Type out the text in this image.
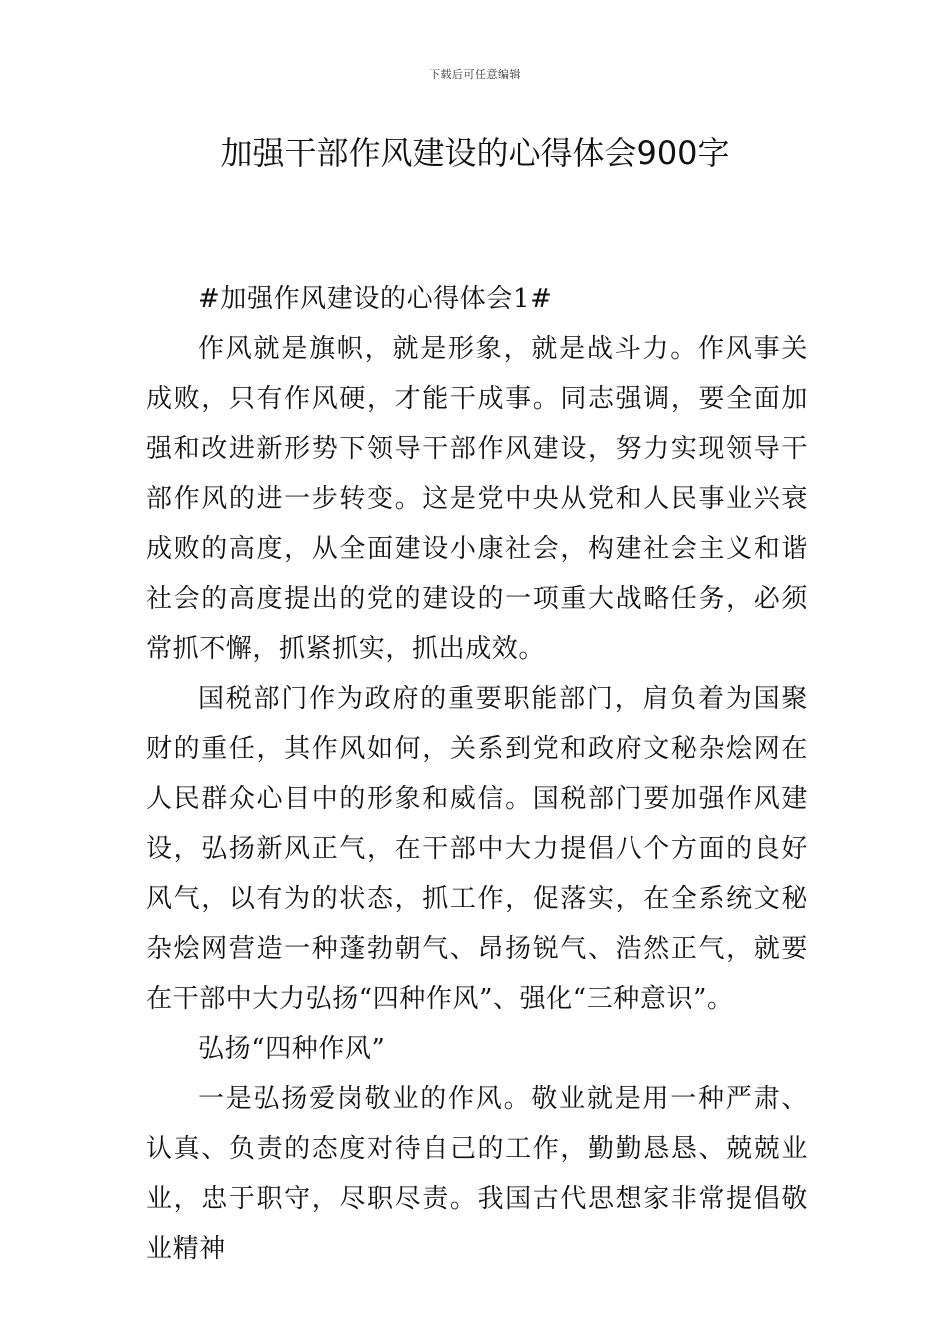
下载后可任意编辑
加强干部作风建设的心得体会900字

#加强作风建设的心得体会1#

作风就是旗帜，就是形象，就是战斗力。作风事关成败，只有作风硬，才能干成事。同志强调，要全面加强和改进新形势下领导干部作风建设，努力实现领导干部作风的进一步转变。这是党中央从党和人民事业兴衰成败的高度，从全面建设小康社会，构建社会主义和谐社会的高度提出的党的建设的一项重大战略任务，必须常抓不懈，抓紧抓实，抓出成效。

国税部门作为政府的重要职能部门，肩负着为国聚财的重任，其作风如何，关系到党和政府文秘杂烩网在人民群众心目中的形象和威信。国税部门要加强作风建设，弘扬新风正气，在干部中大力提倡八个方面的良好风气，以有为的状态，抓工作，促落实，在全系统文秘杂烩网营造一种蓬勃朝气、昂扬锐气、浩然正气，就要在干部中大力弘扬“四种作风”、强化“三种意识”。

弘扬“四种作风”

一是弘扬爱岗敬业的作风。敬业就是用一种严肃、认真、负责的态度对待自己的工作，勤勤恳恳、兢兢业业，忠于职守，尽职尽责。我国古代思想家非常提倡敬业精神
